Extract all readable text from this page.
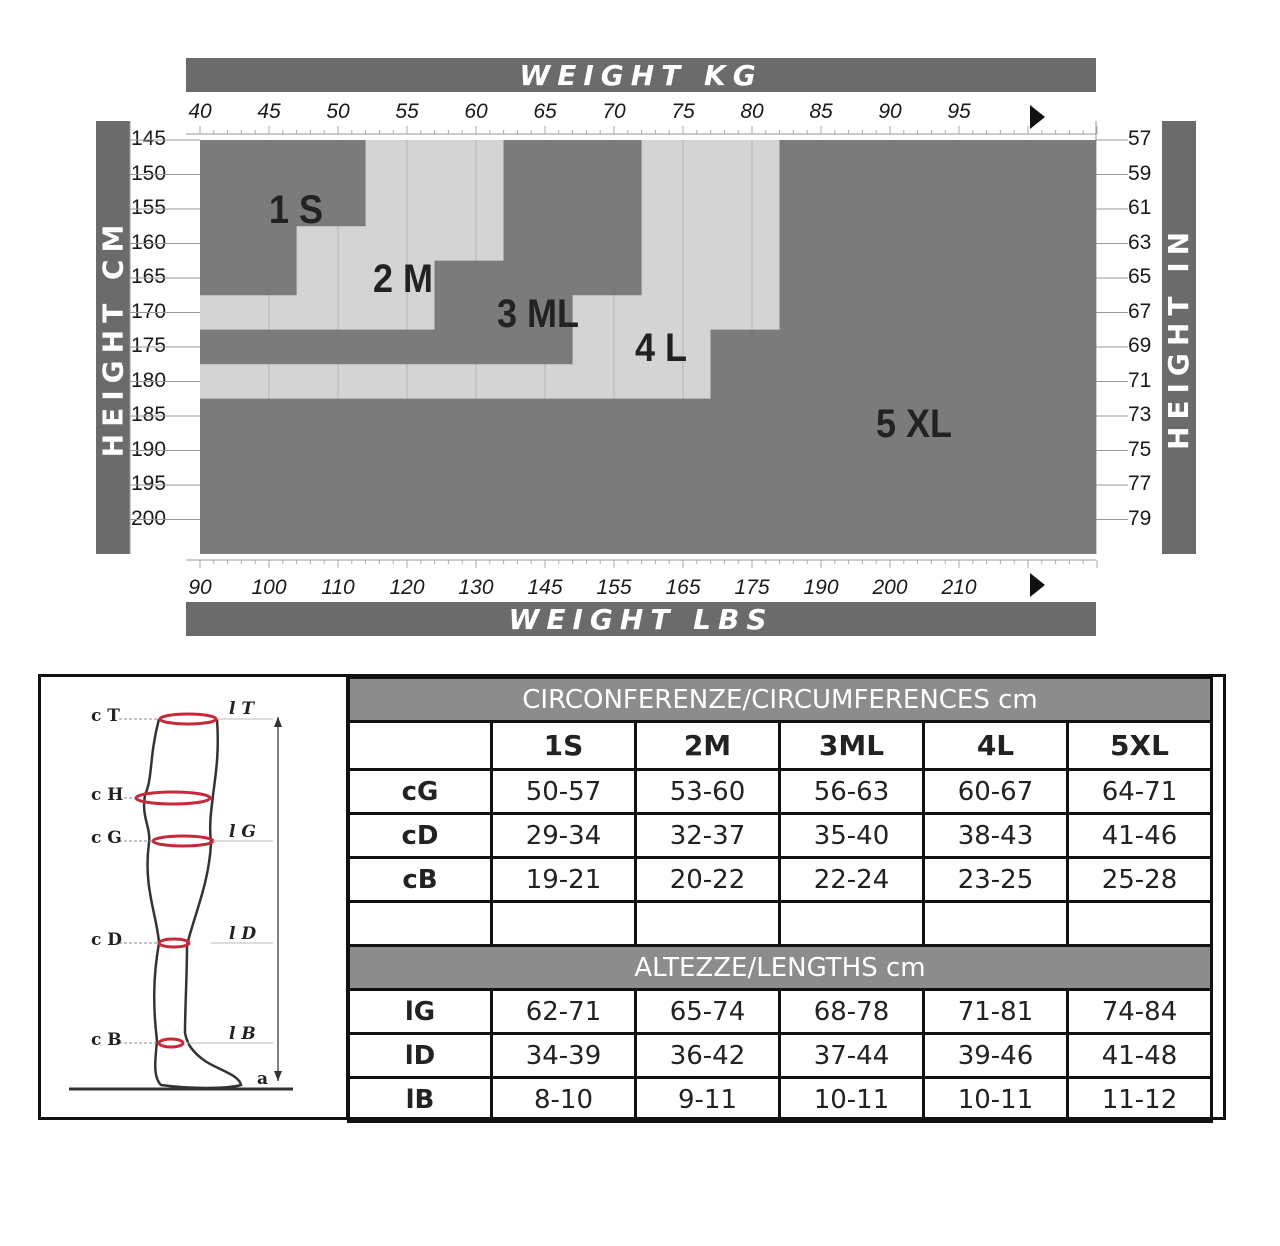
WEIGHT KG
40 45 50 55 60 65 70 75 80 85 90 95
HEIGHT CM	HEIGHT IN
145
150
155
160
165
170
175
180
185
190
195
200
57
59
61
63
65
67
69
71
73
75
77
79
1 S
2 M
3 ML
4 L
5 XL
90 100 110 120 130 145 155 165 175 190 200 210
WEIGHT LBS
c T
c H
c G
c D
c B
l T
l G
l D
l B
a
CIRCONFERENZE/CIRCUMFERENCES cm					
	1S	2M	3ML	4L	5XL
cG	50-57	53-60	56-63	60-67	64-71
cD	29-34	32-37	35-40	38-43	41-46
cB	19-21	20-22	22-24	23-25	25-28

ALTEZZE/LENGTHS cm					
lG	62-71	65-74	68-78	71-81	74-84
lD	34-39	36-42	37-44	39-46	41-48
lB	8-10	9-11	10-11	10-11	11-12
